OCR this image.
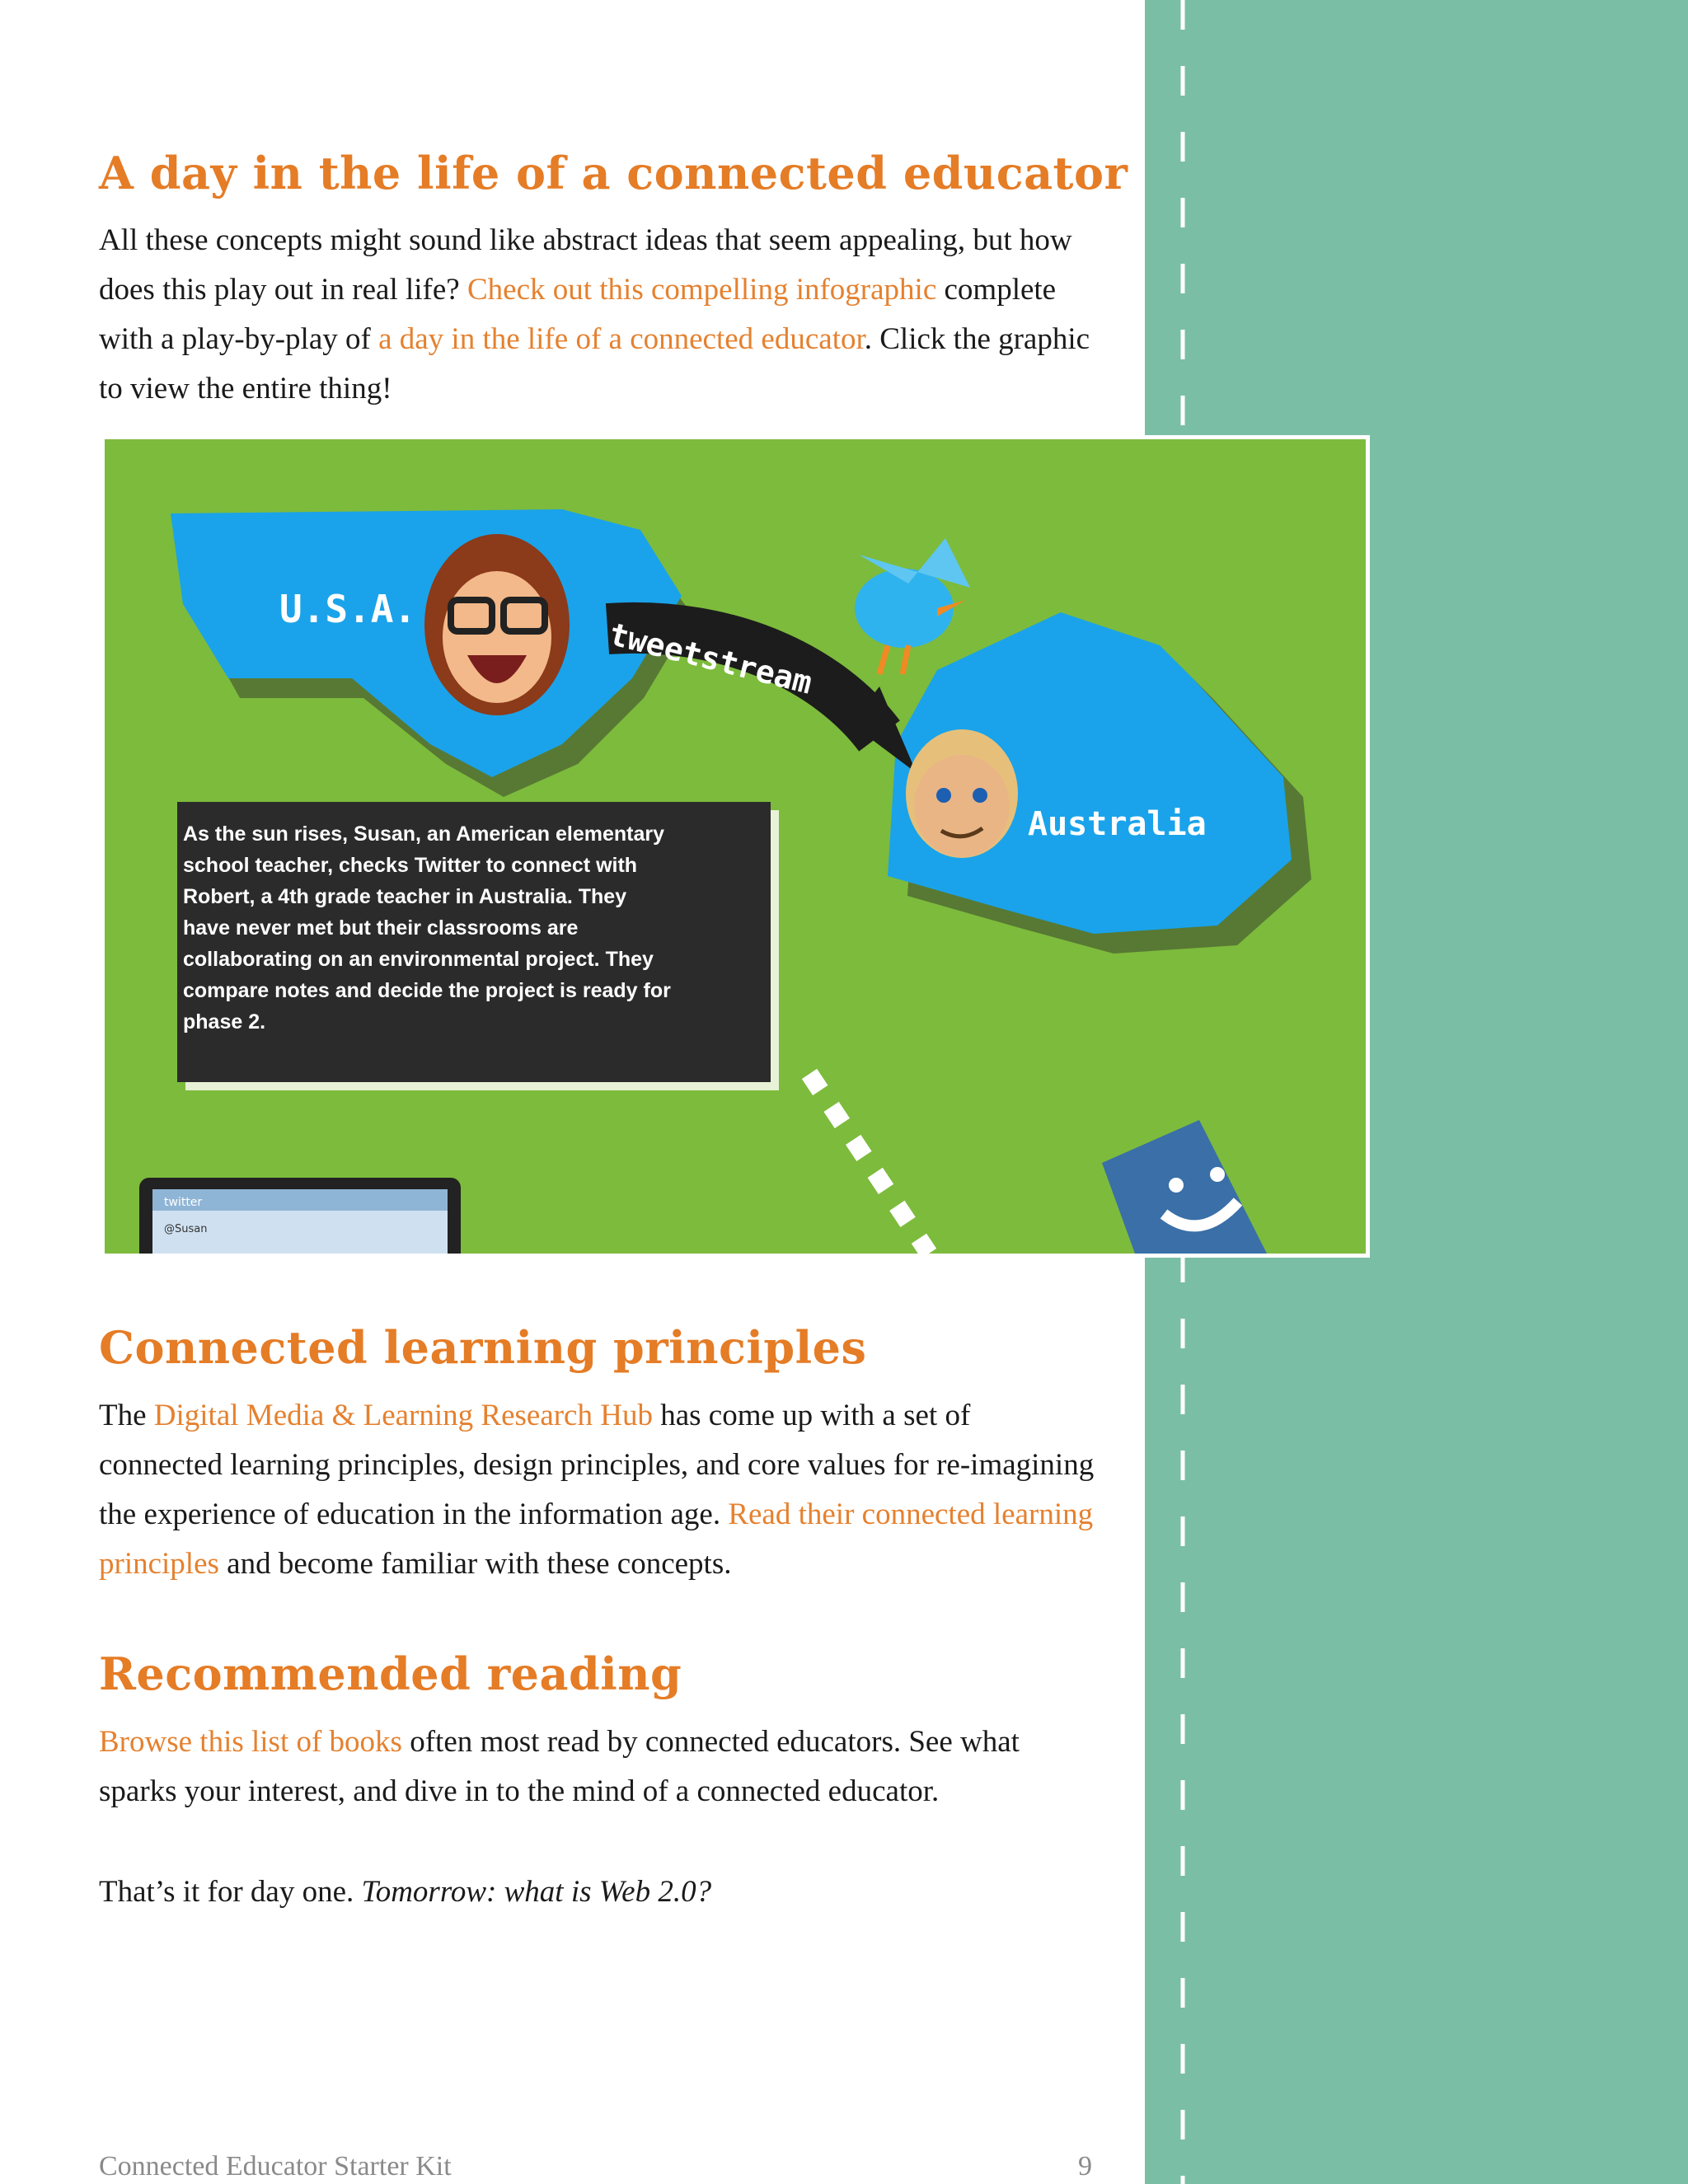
A day in the life of a connected educator

All these concepts might sound like abstract ideas that seem appealing, but how does this play out in real life? Check out this compelling infographic complete with a play-by-play of a day in the life of a connected educator. Click the graphic to view the entire thing!

Connected learning principles

The Digital Media & Learning Research Hub has come up with a set of connected learning principles, design principles, and core values for re-imagining the experience of education in the information age. Read their connected learning principles and become familiar with these concepts.

Recommended reading

Browse this list of books often most read by connected educators. See what sparks your interest, and dive in to the mind of a connected educator.

That’s it for day one. Tomorrow: what is Web 2.0?

U.S.A.
Australia
tweetstream
twitter
@Susan

As the sun rises, Susan, an American elementary school teacher, checks Twitter to connect with Robert, a 4th grade teacher in Australia. They have never met but their classrooms are collaborating on an environmental project. They compare notes and decide the project is ready for phase 2.

Connected Educator Starter Kit	9
